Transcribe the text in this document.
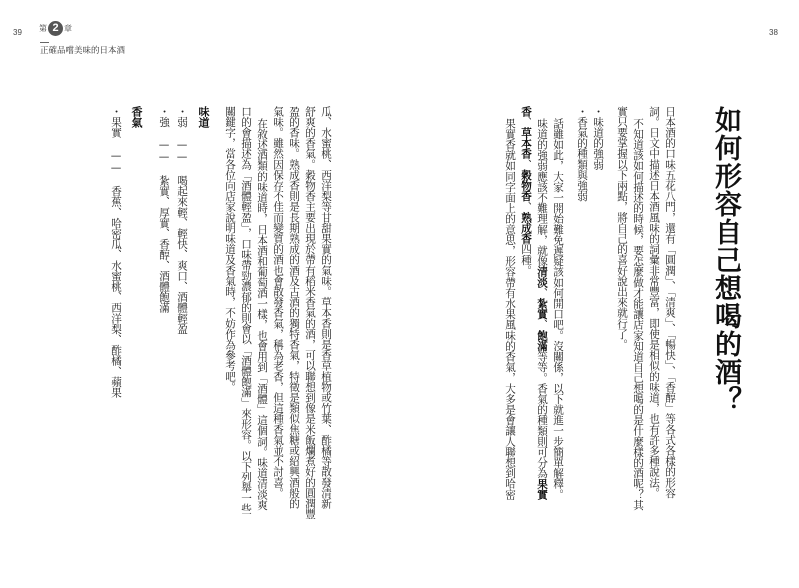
39	38
第 2 章
正確品嚐美味的日本酒
如何形容自己想喝的酒？
日本酒的口味五花八門，還有「圓潤」、「清爽」、「暢快」、「香醇」等各式各樣的形容
詞。日文中描述日本酒風味的詞彙非常豐富，即使是相似的味道，也有許多種說法。
不知道該如何描述的時候，要怎麼做才能讓店家知道自己想喝的是什麼樣的酒呢？其
實只要掌握以下兩點，將自己的喜好說出來就行了。
・味道的強弱
・香氣的種類與強弱
話雖如此，大家一開始難免遲疑該如何開口吧。沒關係，以下就進一步簡單解釋。
味道的強弱應該不難理解，就像清淡、紮實、飽滿等等。香氣的種類則可分為果實
香、草本香、穀物香、熟成香四種。
果實香就如同字面上的意思，形容帶有水果風味的香氣，大多是會讓人聯想到哈密
瓜、水蜜桃、西洋梨等甘甜果實的氣味。草本香則是香草植物或竹葉、酢橘等散發清新
舒爽的香氣。穀物香主要出現於帶有稻米香氣的酒，可以聯想到像是米飯爛煮好的圓潤豐
盈的香味。熟成香則是長期熟成的酒及古酒的獨特香氣，特徵是類似焦糖或紹興酒般的
氣味。雖然因保存不佳而變質的酒也會散發香氣，稱為老香，但這種香氣並不討喜。
在敘述酒類的味道時，日本酒和葡萄酒一樣，也會用到「酒體」這個詞。味道清淡爽
口的會描述為「酒體輕盈」，口味帶勁濃郁的則會以「酒體飽滿」來形容。以下列舉一些
關鍵字，當各位向店家說明味道及香氣時，不妨作為參考吧。
味道
・弱 —— 喝起來輕、輕快、爽口、酒體輕盈
・強 —— 紮實、厚實、香醇、酒體飽滿
香氣
・果實 —— 香蕉、哈密瓜、水蜜桃、西洋梨、酢橘、蘋果
